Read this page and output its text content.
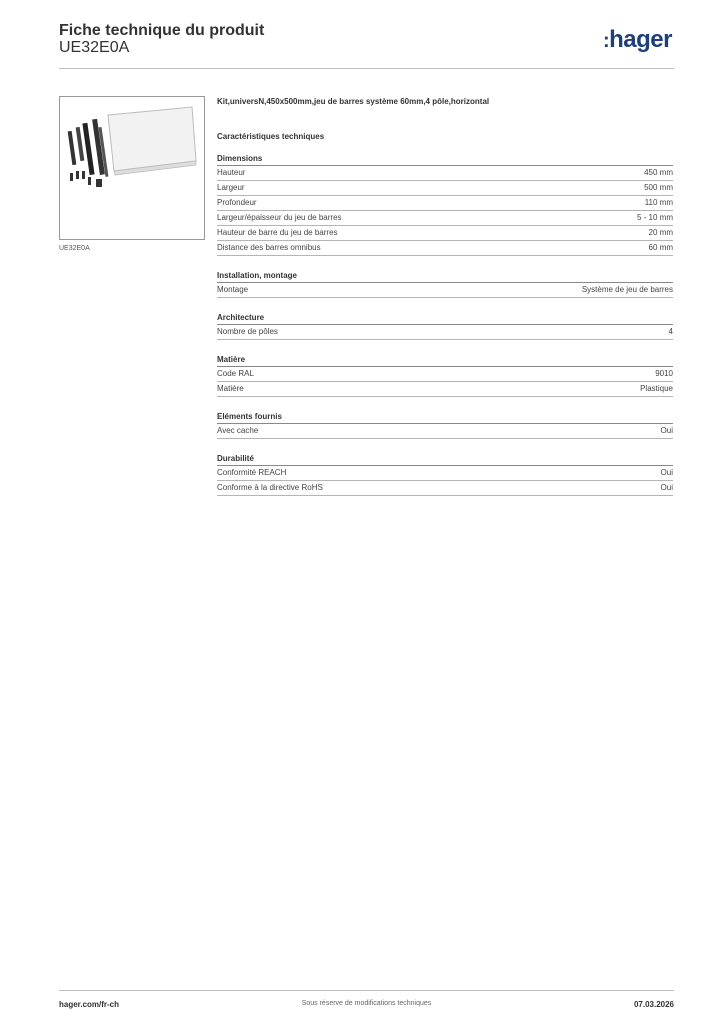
Fiche technique du produit
UE32E0A	:hager
UE32E0A
Kit,universN,450x500mm,jeu de barres système 60mm,4 pôle,horizontal
Caractéristiques techniques
Dimensions
Hauteur	450 mm
Largeur	500 mm
Profondeur	110 mm
Largeur/épaisseur du jeu de barres	5 - 10 mm
Hauteur de barre du jeu de barres	20 mm
Distance des barres omnibus	60 mm
Installation, montage
Montage	Système de jeu de barres
Architecture
Nombre de pôles	4
Matière
Code RAL	9010
Matière	Plastique
Eléments fournis
Avec cache	Oui
Durabilité
Conformité REACH	Oui
Conforme à la directive RoHS	Oui
hager.com/fr-ch	Sous réserve de modifications techniques	07.03.2026
